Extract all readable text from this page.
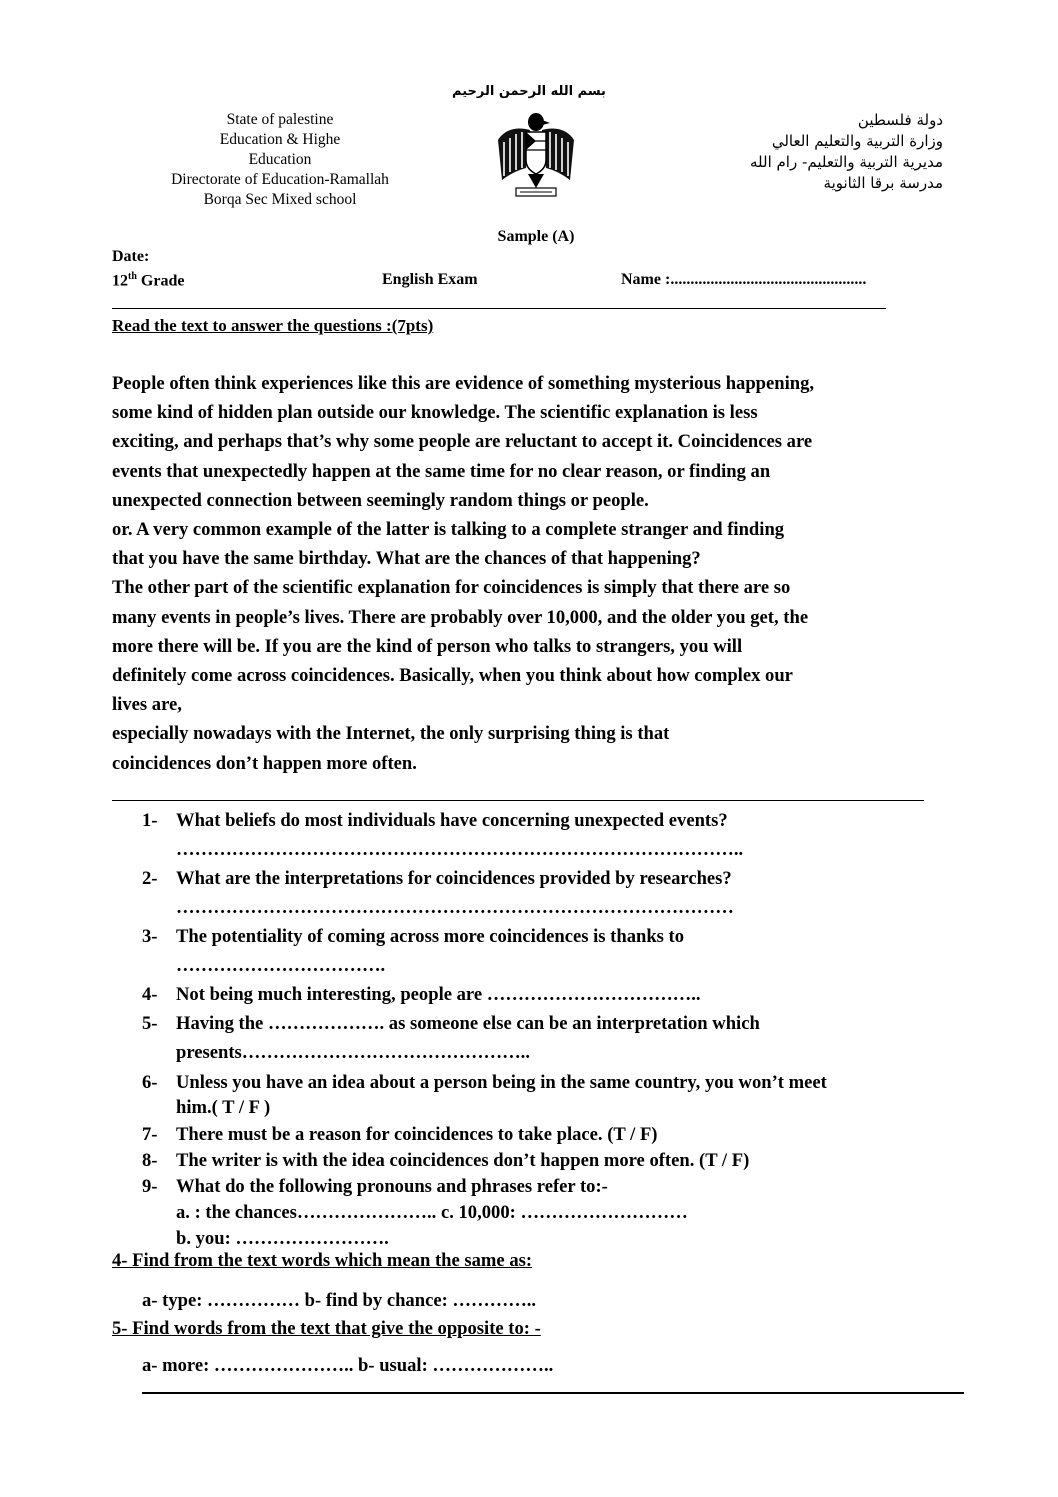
بسم الله الرحمن الرحيم
State of palestine
Education & Highe
Education
Directorate of Education-Ramallah
Borqa Sec Mixed school
دولة فلسطين
وزارة التربية والتعليم العالي
مديرية التربية والتعليم- رام الله
مدرسة برقا الثانوية
Sample (A)
Date:
12th Grade	English Exam	Name :.................................................
Read the text to answer the questions :(7pts)

People often think experiences like this are evidence of something mysterious happening,

some kind of hidden plan outside our knowledge. The scientific explanation is less

exciting, and perhaps that’s why some people are reluctant to accept it. Coincidences are

events that unexpectedly happen at the same time for no clear reason, or finding an

unexpected connection between seemingly random things or people.

or. A very common example of the latter is talking to a complete stranger and finding

that you have the same birthday. What are the chances of that happening?

The other part of the scientific explanation for coincidences is simply that there are so

many events in people’s lives. There are probably over 10,000, and the older you get, the

more there will be. If you are the kind of person who talks to strangers, you will

definitely come across coincidences. Basically, when you think about how complex our

lives are,

especially nowadays with the Internet, the only surprising thing is that

coincidences don’t happen more often.

1- What beliefs do most individuals have concerning unexpected events?
………………………………………………………………………………..
2- What are the interpretations for coincidences provided by researches?
………………………………………………………………………………
3- The potentiality of coming across more coincidences is thanks to
…………………………….
4- Not being much interesting, people are ……………………………..
5- Having the ………………. as someone else can be an interpretation which
presents………………………………………..
6- Unless you have an idea about a person being in the same country, you won’t meet
him.( T / F )
7- There must be a reason for coincidences to take place. (T / F)
8- The writer is with the idea coincidences don’t happen more often. (T / F)
9- What do the following pronouns and phrases refer to:-
a. : the chances………………….. c. 10,000: ………………………
b. you: …………………….
4- Find from the text words which mean the same as:
a- type: …………… b- find by chance: …………..
5- Find words from the text that give the opposite to: -
a- more: ………………….. b- usual: ………………..
